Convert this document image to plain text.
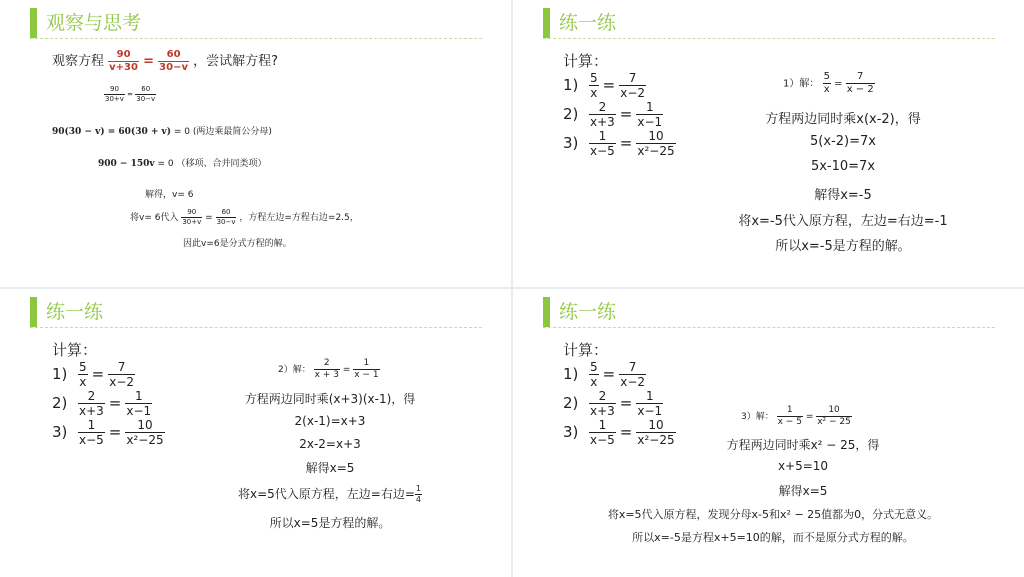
观察与思考
观察方程 $\frac{90}{v+30} = \frac{60}{30-v}$ ，尝试解方程?
$\frac{90}{30+v} = \frac{60}{30-v}$
90(30 − v) = 60(30 + v) = 0 (两边乘最简公分母)
900 − 150v = 0 （移项、合并同类项）
解得，v= 6
将v= 6代入 $\frac{90}{30+v} = \frac{60}{30-v}$ ，方程左边=方程右边=2.5，
因此v=6是分式方程的解。
练一练
计算：
$1) \frac{5}{x} = \frac{7}{x-2}$
$2) \frac{2}{x+3} = \frac{1}{x-1}$
$3) \frac{1}{x-5} = \frac{10}{\text{x²−25}}$
1）解： $\frac{5}{x} = \frac{7}{x - 2}$
方程两边同时乘x(x-2)，得
5(x-2)=7x
5x-10=7x
解得x=-5
将x=-5代入原方程，左边=右边=-1
所以x=-5是方程的解。
练一练
计算：
$1) \frac{5}{x} = \frac{7}{x-2}$
$2) \frac{2}{x+3} = \frac{1}{x-1}$
$3) \frac{1}{x-5} = \frac{10}{\text{x²−25}}$
2）解： $\frac{2}{x + 3} = \frac{1}{x - 1}$
方程两边同时乘(x+3)(x-1)，得
2(x-1)=x+3
2x-2=x+3
解得x=5
将x=5代入原方程，左边=右边= $\frac{1}{4}$
所以x=5是方程的解。
练一练
计算：
$1) \frac{5}{x} = \frac{7}{x-2}$
$2) \frac{2}{x+3} = \frac{1}{x-1}$
$3) \frac{1}{x-5} = \frac{10}{\text{x²−25}}$
3）解： $\frac{1}{x - 5} = \frac{10}{\text{x² − 25}}$
方程两边同时乘x² − 25，得
x+5=10
解得x=5
将x=5代入原方程，发现分母x-5和x² − 25值都为0，分式无意义。
所以x=-5是方程x+5=10的解，而不是原分式方程的解。
